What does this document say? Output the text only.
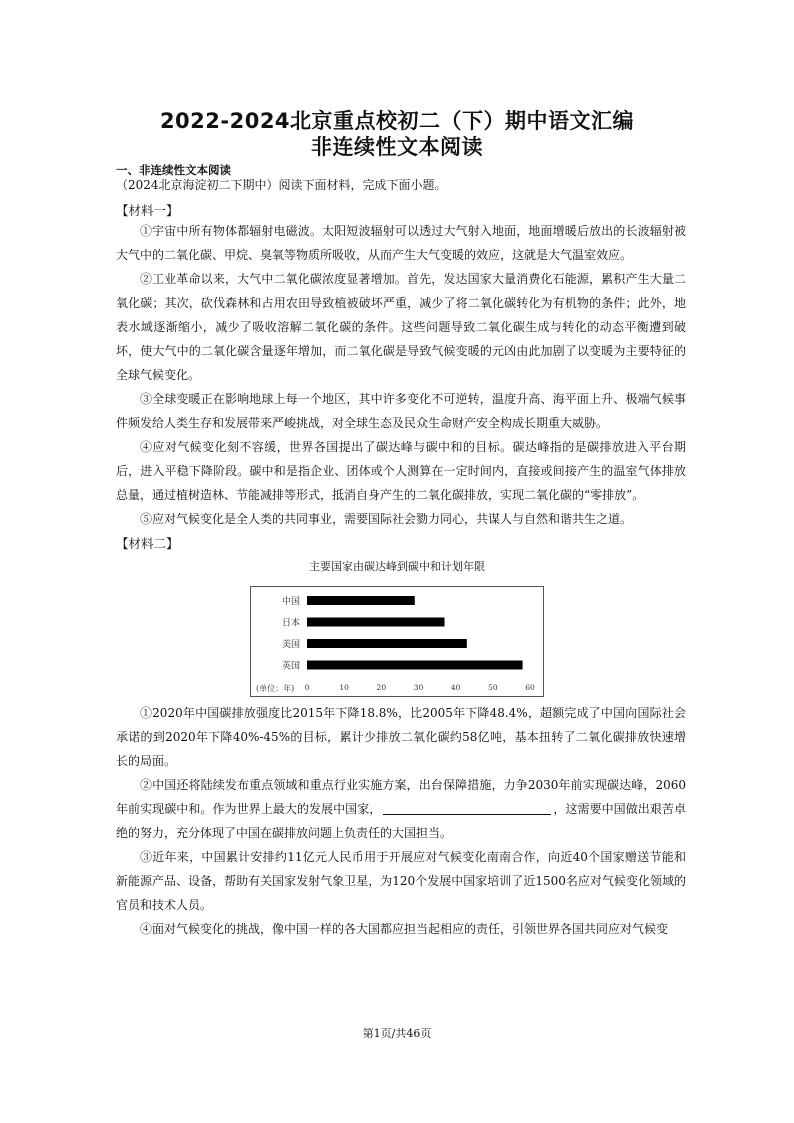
2022-2024北京重点校初二（下）期中语文汇编
非连续性文本阅读
一、非连续性文本阅读
（2024北京海淀初二下期中）阅读下面材料，完成下面小题。
【材料一】

①宇宙中所有物体都辐射电磁波。太阳短波辐射可以透过大气射入地面，地面增暖后放出的长波辐射被大气中的二氧化碳、甲烷、臭氧等物质所吸收，从而产生大气变暖的效应，这就是大气温室效应。

②工业革命以来，大气中二氧化碳浓度显著增加。首先，发达国家大量消费化石能源，累积产生大量二氧化碳；其次，砍伐森林和占用农田导致植被破坏严重，减少了将二氧化碳转化为有机物的条件；此外，地表水域逐渐缩小，减少了吸收溶解二氧化碳的条件。这些问题导致二氧化碳生成与转化的动态平衡遭到破坏，使大气中的二氧化碳含量逐年增加，而二氧化碳是导致气候变暖的元凶由此加剧了以变暖为主要特征的全球气候变化。

③全球变暖正在影响地球上每一个地区，其中许多变化不可逆转，温度升高、海平面上升、极端气候事件频发给人类生存和发展带来严峻挑战，对全球生态及民众生命财产安全构成长期重大威胁。

④应对气候变化刻不容缓，世界各国提出了碳达峰与碳中和的目标。碳达峰指的是碳排放进入平台期后，进入平稳下降阶段。碳中和是指企业、团体或个人测算在一定时间内，直接或间接产生的温室气体排放总量，通过植树造林、节能减排等形式，抵消自身产生的二氧化碳排放，实现二氧化碳的“零排放”。

⑤应对气候变化是全人类的共同事业，需要国际社会勠力同心，共谋人与自然和谐共生之道。

【材料二】
主要国家由碳达峰到碳中和计划年限
(单位：年)
中国
日本
美国
英国
0	10	20	30	40	50	60

①2020年中国碳排放强度比2015年下降18.8%，比2005年下降48.4%，超额完成了中国向国际社会承诺的到2020年下降40%-45%的目标，累计少排放二氧化碳约58亿吨，基本扭转了二氧化碳排放快速增长的局面。

②中国还将陆续发布重点领域和重点行业实施方案，出台保障措施，力争2030年前实现碳达峰，2060年前实现碳中和。作为世界上最大的发展中国家，	，这需要中国做出艰苦卓绝的努力，充分体现了中国在碳排放问题上负责任的大国担当。

③近年来，中国累计安排约11亿元人民币用于开展应对气候变化南南合作，向近40个国家赠送节能和新能源产品、设备，帮助有关国家发射气象卫星，为120个发展中国家培训了近1500名应对气候变化领域的官员和技术人员。

④面对气候变化的挑战，像中国一样的各大国都应担当起相应的责任，引领世界各国共同应对气候变

第1页/共46页
